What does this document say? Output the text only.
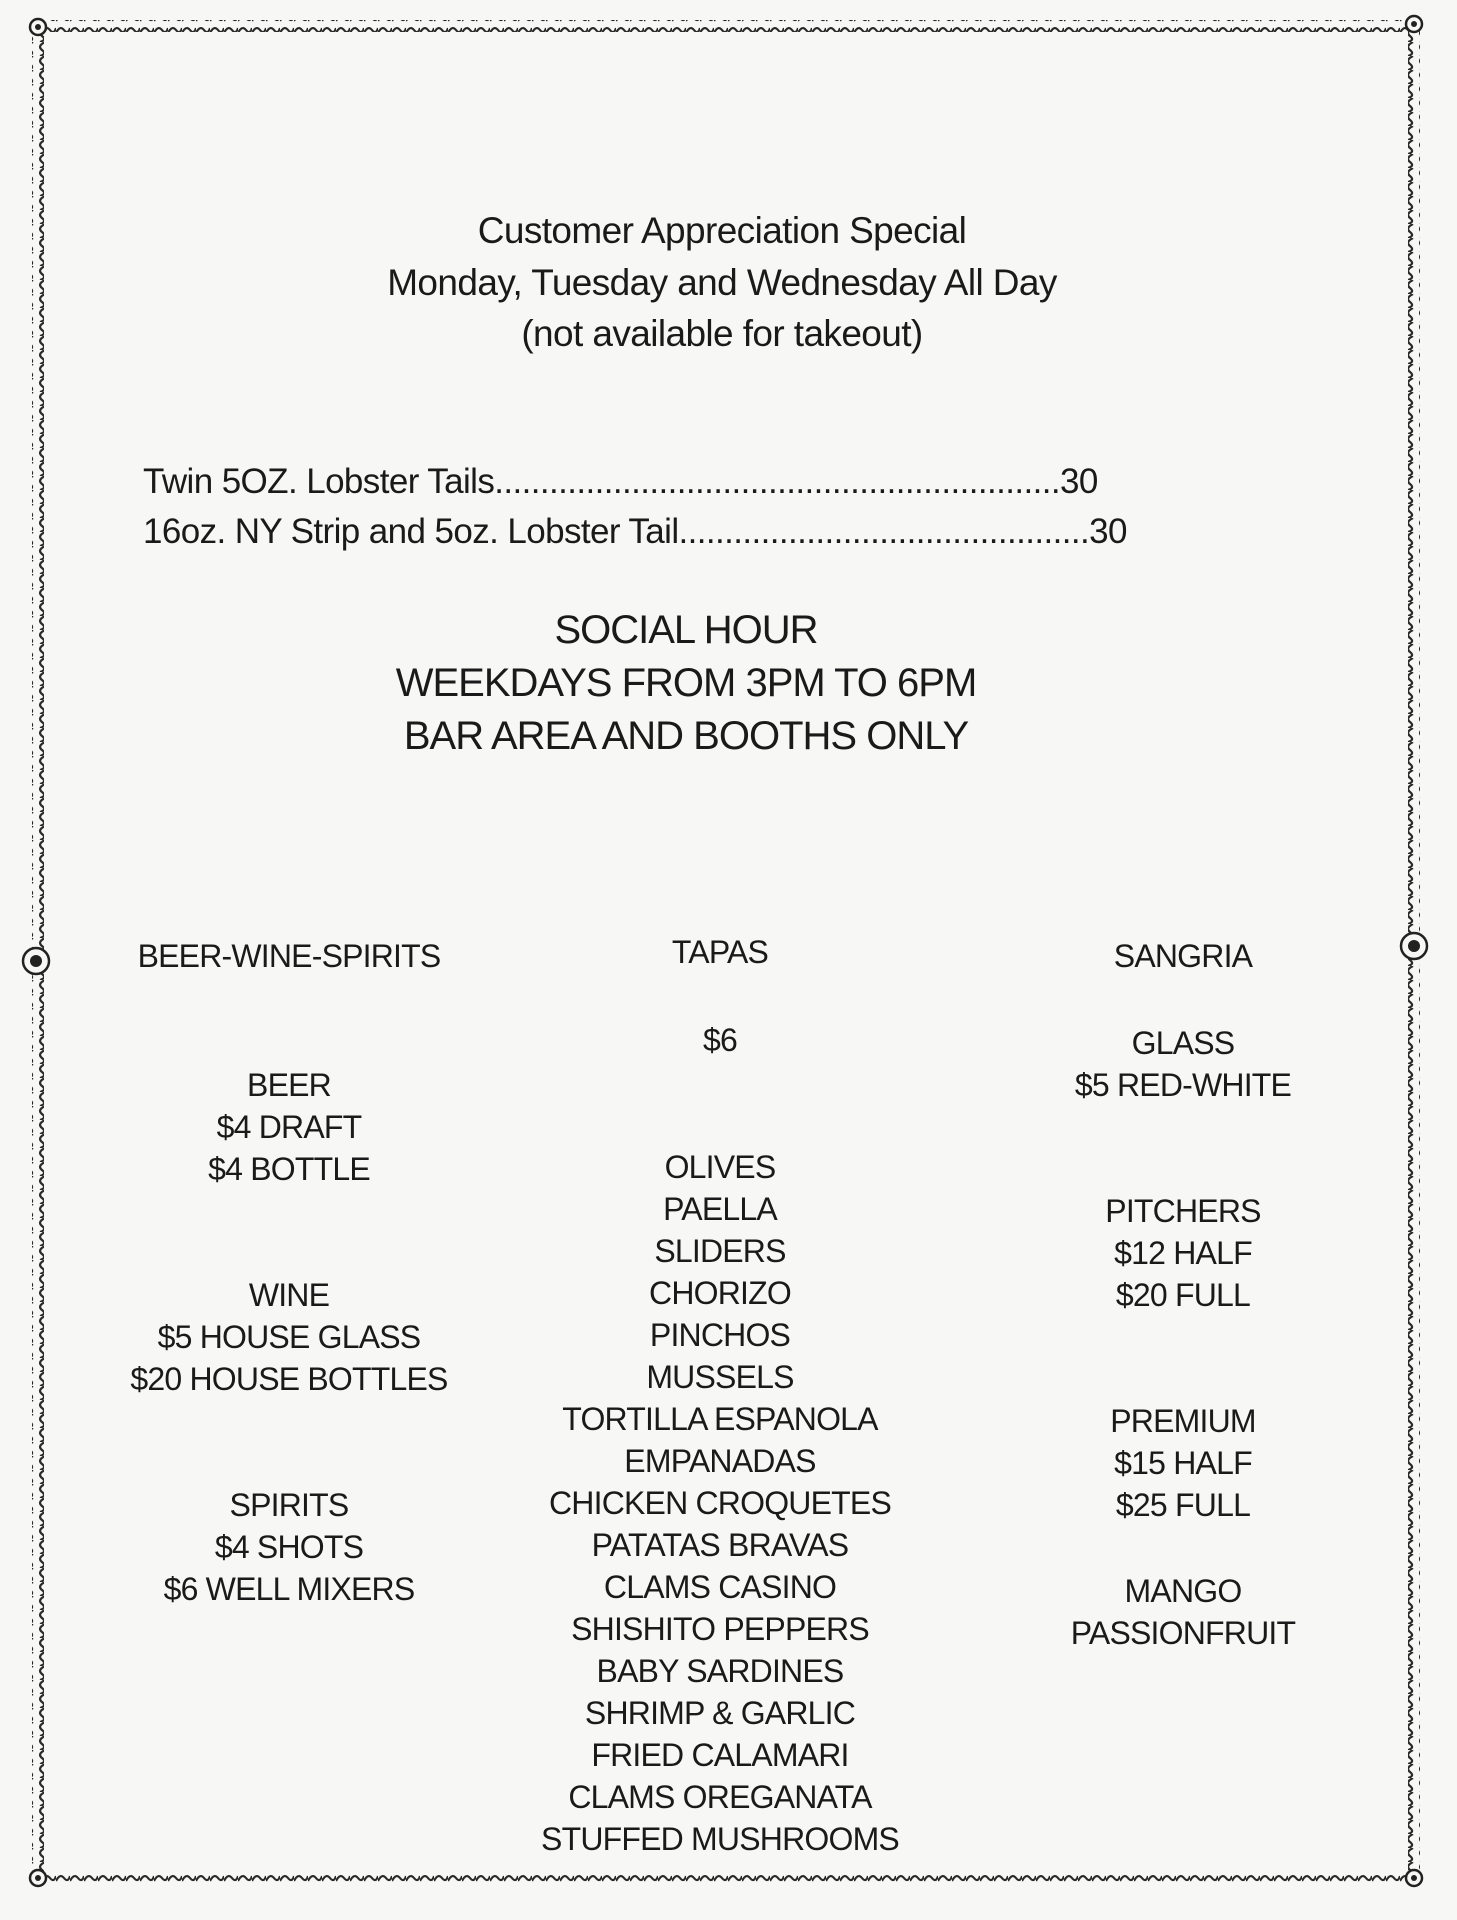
Customer Appreciation Special
Monday, Tuesday and Wednesday All Day
(not available for takeout)
Twin 5OZ. Lobster Tails..............................................................30
16oz. NY Strip and 5oz. Lobster Tail.............................................30
SOCIAL HOUR
WEEKDAYS FROM 3PM TO 6PM
BAR AREA AND BOOTHS ONLY
BEER-WINE-SPIRITS	TAPAS	SANGRIA
BEER
$4 DRAFT
$4 BOTTLE
WINE
$5 HOUSE GLASS
$20 HOUSE BOTTLES
SPIRITS
$4 SHOTS
$6 WELL MIXERS
$6
OLIVES
PAELLA
SLIDERS
CHORIZO
PINCHOS
MUSSELS
TORTILLA ESPANOLA
EMPANADAS
CHICKEN CROQUETES
PATATAS BRAVAS
CLAMS CASINO
SHISHITO PEPPERS
BABY SARDINES
SHRIMP & GARLIC
FRIED CALAMARI
CLAMS OREGANATA
STUFFED MUSHROOMS
GLASS
$5 RED-WHITE
PITCHERS
$12 HALF
$20 FULL
PREMIUM
$15 HALF
$25 FULL
MANGO
PASSIONFRUIT
